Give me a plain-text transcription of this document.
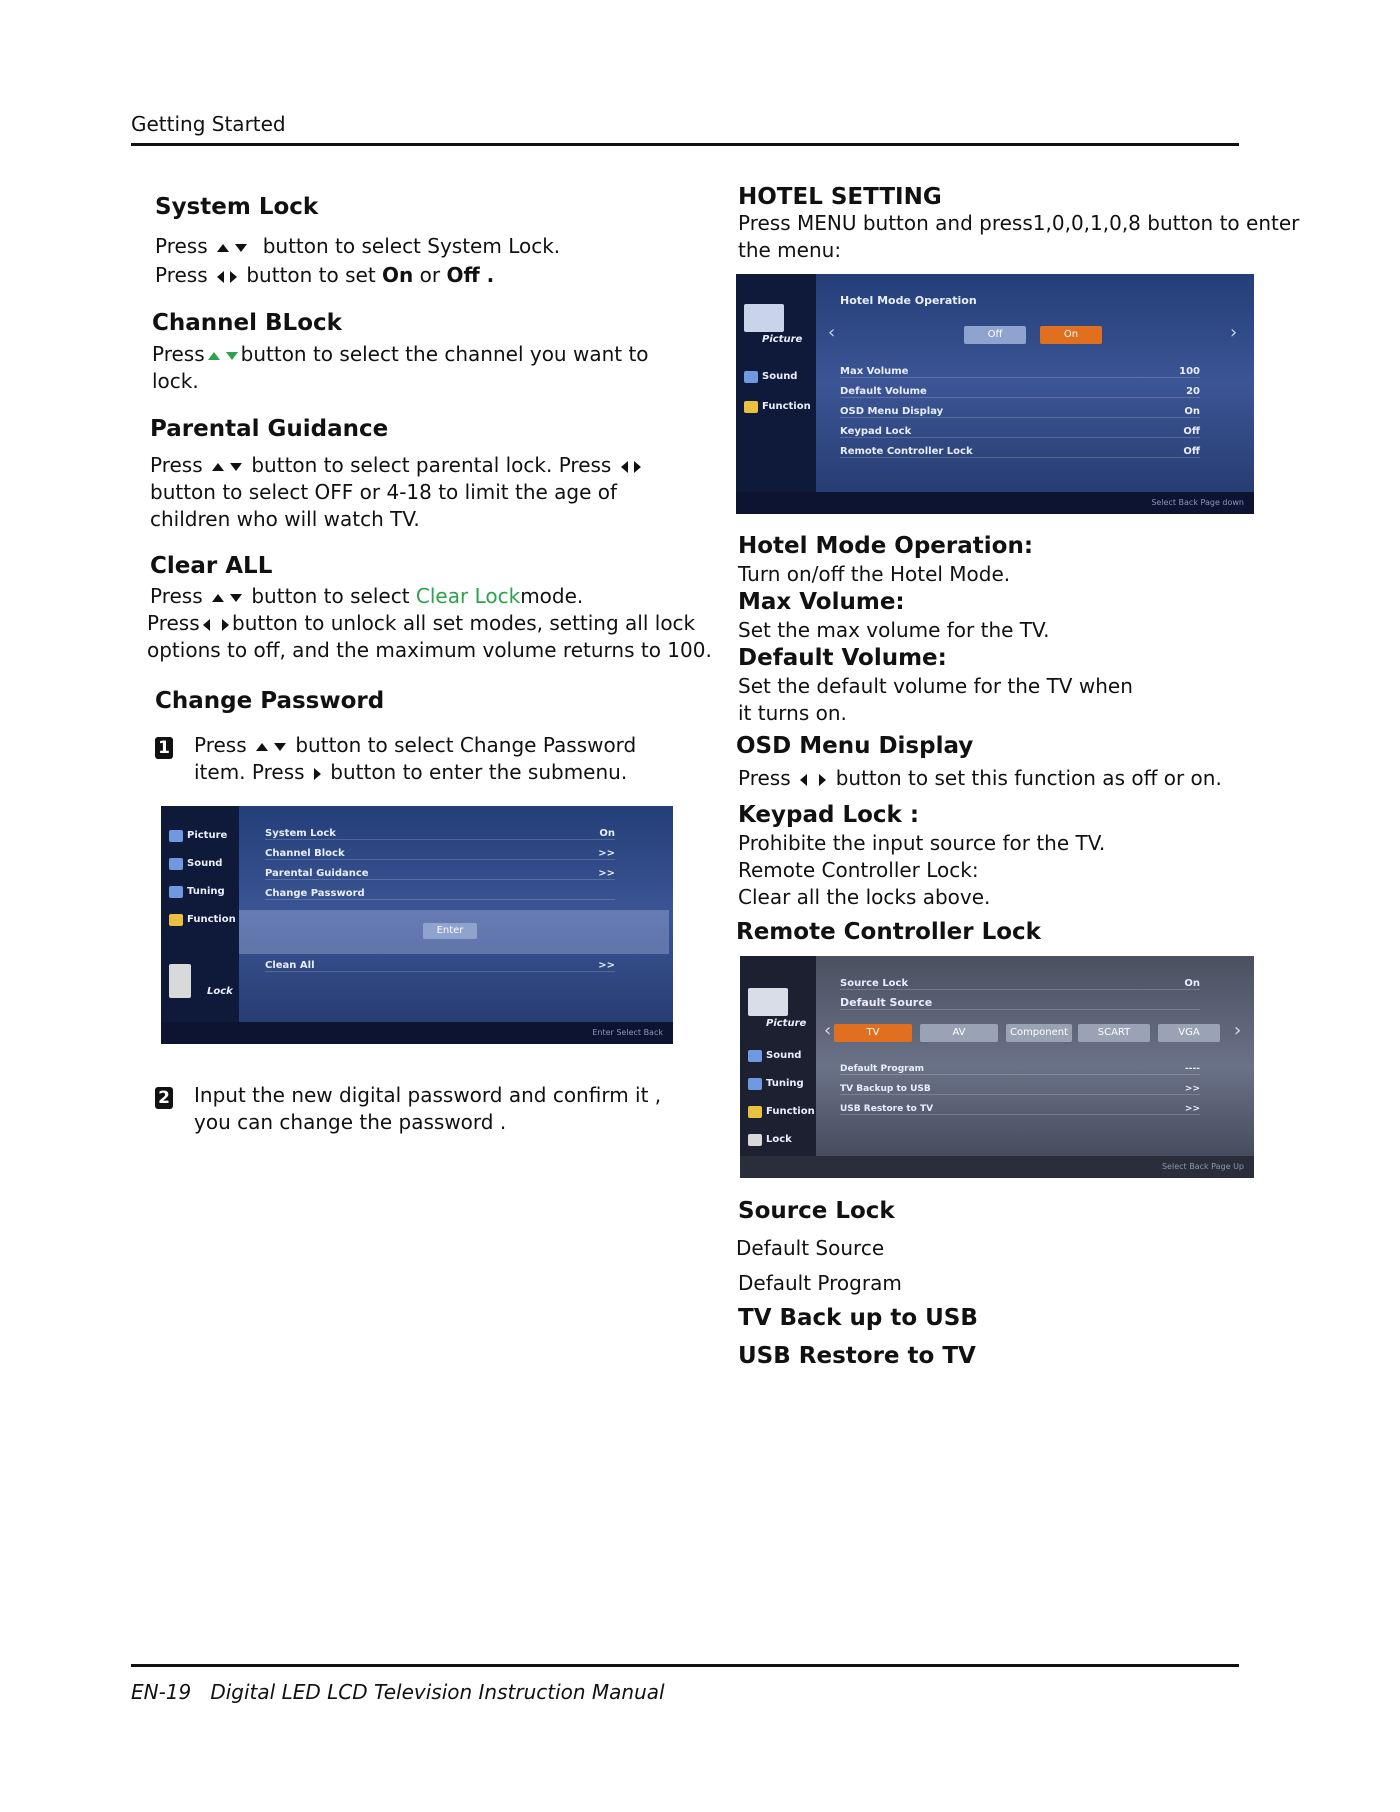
Getting Started
System Lock
Press	button to select System Lock.
Press button to set On or Off .
Channel BLock
Press button to select the channel you want to
lock.
Parental Guidance
Press button to select parental lock. Press
button to select OFF or 4-18 to limit the age of
children who will watch TV.
Clear ALL
Press button to select Clear Lockmode.
Press button to unlock all set modes, setting all lock
options to off, and the maximum volume returns to 100.
Change Password
1 Press button to select Change Password
item. Press button to enter the submenu.
Picture
Sound
Tuning
Function
Lock
System Lock	On
Channel Block	>>
Parental Guidance	>>
Change Password
Enter
Clean All	>>
Enter Select Back
2 Input the new digital password and confirm it ,
you can change the password .
HOTEL SETTING
Press MENU button and press1,0,0,1,0,8 button to enter
the menu:
Picture
Sound
Function
Hotel Mode Operation
‹	›
Off	On
Max Volume	100
Default Volume	20
OSD Menu Display	On
Keypad Lock	Off
Remote Controller Lock	Off
Select Back Page down
Hotel Mode Operation:
Turn on/off the Hotel Mode.
Max Volume:
Set the max volume for the TV.
Default Volume:
Set the default volume for the TV when
it turns on.
OSD Menu Display
Press button to set this function as off or on.
Keypad Lock :
Prohibite the input source for the TV.
Remote Controller Lock:
Clear all the locks above.
Remote Controller Lock
Picture
Sound
Tuning
Function
Lock
Source Lock	On
Default Source
‹	›
TV	AV	Component	SCART	VGA
Default Program	----
TV Backup to USB	>>
USB Restore to TV	>>
Select Back Page Up
Source Lock
Default Source
Default Program
TV Back up to USB
USB Restore to TV
EN-19 Digital LED LCD Television Instruction Manual
